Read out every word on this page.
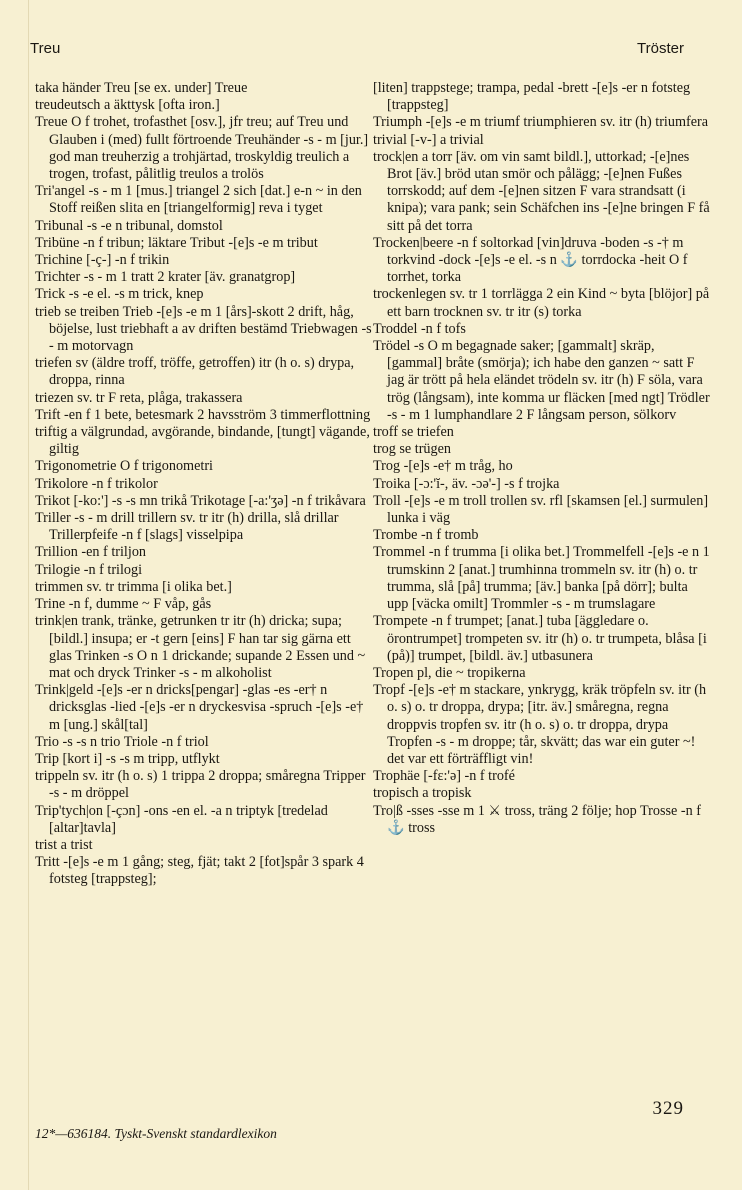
Treu	Tröster

taka händer Treu [se ex. under] Treue

treudeutsch a äkttysk [ofta iron.]

Treue O f trohet, trofasthet [osv.], jfr treu; auf Treu und Glauben i (med) fullt förtroende Treuhänder -s - m [jur.] god man treuherzig a trohjärtad, troskyldig treulich a trogen, trofast, pålitlig treulos a trolös

Tri'angel -s - m 1 [mus.] triangel 2 sich [dat.] e-n ~ in den Stoff reißen slita en [triangelformig] reva i tyget

Tribunal -s -e n tribunal, domstol

Tribüne -n f tribun; läktare Tribut -[e]s -e m tribut

Trichine [-ç-] -n f trikin

Trichter -s - m 1 tratt 2 krater [äv. granatgrop]

Trick -s -e el. -s m trick, knep

trieb se treiben Trieb -[e]s -e m 1 [års]-skott 2 drift, håg, böjelse, lust triebhaft a av driften bestämd Triebwagen -s - m motorvagn

triefen sv (äldre troff, tröffe, getroffen) itr (h o. s) drypa, droppa, rinna

triezen sv. tr F reta, plåga, trakassera

Trift -en f 1 bete, betesmark 2 havsström 3 timmerflottning

triftig a välgrundad, avgörande, bindande, [tungt] vägande, giltig

Trigonometrie O f trigonometri

Trikolore -n f trikolor

Trikot [-ko:'] -s -s mn trikå Trikotage [-a:'ʒə] -n f trikåvara

Triller -s - m drill trillern sv. tr itr (h) drilla, slå drillar Trillerpfeife -n f [slags] visselpipa

Trillion -en f triljon

Trilogie -n f trilogi

trimmen sv. tr trimma [i olika bet.]

Trine -n f, dumme ~ F våp, gås

trink|en trank, tränke, getrunken tr itr (h) dricka; supa; [bildl.] insupa; er -t gern [eins] F han tar sig gärna ett glas Trinken -s O n 1 drickande; supande 2 Essen und ~ mat och dryck Trinker -s - m alkoholist

Trink|geld -[e]s -er n dricks[pengar] -glas -es -er† n dricksglas -lied -[e]s -er n dryckesvisa -spruch -[e]s -e† m [ung.] skål[tal]

Trio -s -s n trio Triole -n f triol

Trip [kort i] -s -s m tripp, utflykt

trippeln sv. itr (h o. s) 1 trippa 2 droppa; småregna Tripper -s - m dröppel

Trip'tych|on [-çɔn] -ons -en el. -a n triptyk [tredelad [altar]tavla]

trist a trist

Tritt -[e]s -e m 1 gång; steg, fjät; takt 2 [fot]spår 3 spark 4 fotsteg [trappsteg];

[liten] trappstege; trampa, pedal -brett -[e]s -er n fotsteg [trappsteg]

Triumph -[e]s -e m triumf triumphieren sv. itr (h) triumfera

trivial [-v-] a trivial

trock|en a torr [äv. om vin samt bildl.], uttorkad; -[e]nes Brot [äv.] bröd utan smör och pålägg; -[e]nen Fußes torrskodd; auf dem -[e]nen sitzen F vara strandsatt (i knipa); vara pank; sein Schäfchen ins -[e]ne bringen F få sitt på det torra

Trocken|beere -n f soltorkad [vin]druva -boden -s -† m torkvind -dock -[e]s -e el. -s n ⚓ torrdocka -heit O f torrhet, torka

trockenlegen sv. tr 1 torrlägga 2 ein Kind ~ byta [blöjor] på ett barn trocknen sv. tr itr (s) torka

Troddel -n f tofs

Trödel -s O m begagnade saker; [gammalt] skräp, [gammal] bråte (smörja); ich habe den ganzen ~ satt F jag är trött på hela eländet trödeln sv. itr (h) F söla, vara trög (långsam), inte komma ur fläcken [med ngt] Trödler -s - m 1 lumphandlare 2 F långsam person, sölkorv

troff se triefen

trog se trügen

Trog -[e]s -e† m tråg, ho

Troika [-ɔ:'ĭ-, äv. -ɔə'-] -s f trojka

Troll -[e]s -e m troll trollen sv. rfl [skamsen [el.] surmulen] lunka i väg

Trombe -n f tromb

Trommel -n f trumma [i olika bet.] Trommelfell -[e]s -e n 1 trumskinn 2 [anat.] trumhinna trommeln sv. itr (h) o. tr trumma, slå [på] trumma; [äv.] banka [på dörr]; bulta upp [väcka omilt] Trommler -s - m trumslagare

Trompete -n f trumpet; [anat.] tuba [äggledare o. örontrumpet] trompeten sv. itr (h) o. tr trumpeta, blåsa [i (på)] trumpet, [bildl. äv.] utbasunera

Tropen pl, die ~ tropikerna

Tropf -[e]s -e† m stackare, ynkrygg, kräk tröpfeln sv. itr (h o. s) o. tr droppa, drypa; [itr. äv.] småregna, regna droppvis tropfen sv. itr (h o. s) o. tr droppa, drypa Tropfen -s - m droppe; tår, skvätt; das war ein guter ~! det var ett förträffligt vin!

Trophäe [-fɛ:'ə] -n f trofé

tropisch a tropisk

Tro|ß -sses -sse m 1 ⚔ tross, träng 2 följe; hop Trosse -n f ⚓ tross

329
12*—636184. Tyskt-Svenskt standardlexikon
